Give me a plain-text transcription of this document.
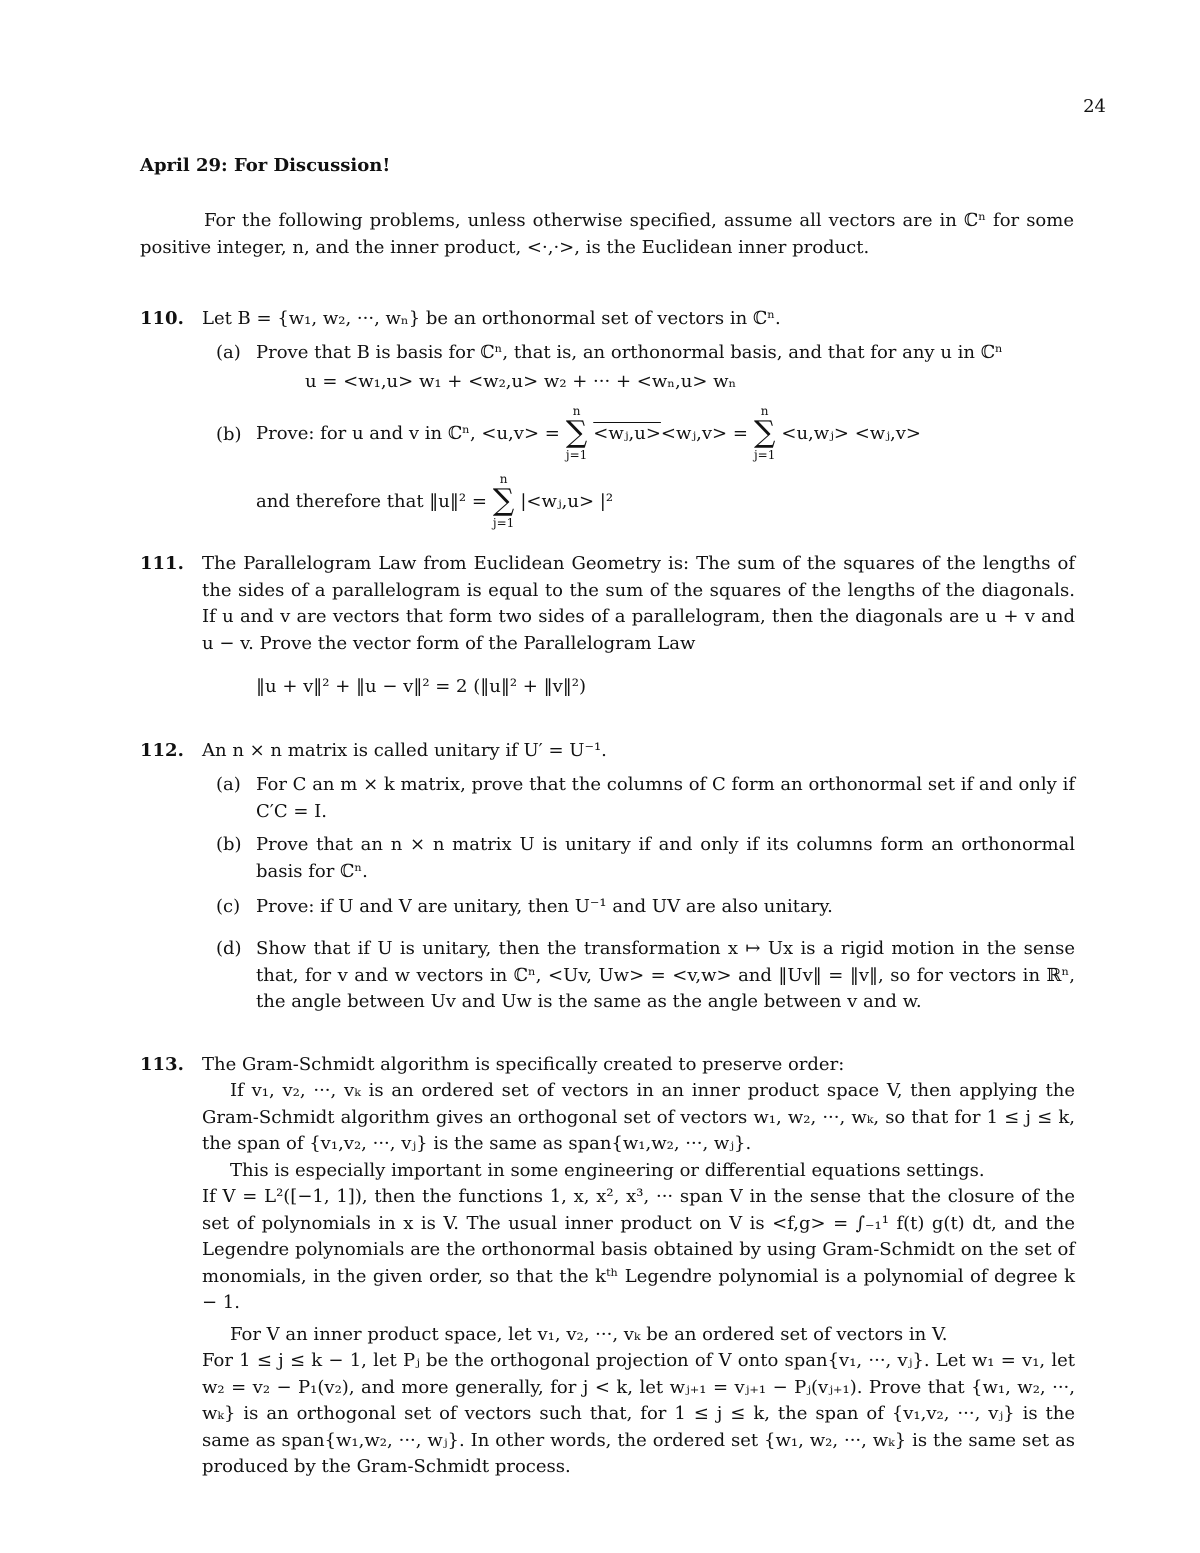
24
April 29: For Discussion!
For the following problems, unless otherwise specified, assume all vectors are in ℂⁿ for some positive integer, n, and the inner product, <·,·>, is the Euclidean inner product.
110. Let B = {w₁, w₂, ···, wₙ} be an orthonormal set of vectors in ℂⁿ.
(a) Prove that B is basis for ℂⁿ, that is, an orthonormal basis, and that for any u in ℂⁿ
u = <w₁,u> w₁ + <w₂,u> w₂ + ··· + <wₙ,u> wₙ
(b) Prove: for u and v in ℂⁿ, <u,v> =
n
∑
j=1
<wⱼ,u> <wⱼ,v> =
n
∑
j=1
<u,wⱼ> <wⱼ,v>
and therefore that ‖u‖² =
n
∑
j=1
|<wⱼ,u> |²
111. The Parallelogram Law from Euclidean Geometry is: The sum of the squares of the lengths of the sides of a parallelogram is equal to the sum of the squares of the lengths of the diagonals. If u and v are vectors that form two sides of a parallelogram, then the diagonals are u + v and u − v. Prove the vector form of the Parallelogram Law
‖u + v‖² + ‖u − v‖² = 2 (‖u‖² + ‖v‖²)
112. An n × n matrix is called unitary if U′ = U⁻¹.
(a) For C an m × k matrix, prove that the columns of C form an orthonormal set if and only if C′C = I.
(b) Prove that an n × n matrix U is unitary if and only if its columns form an orthonormal basis for ℂⁿ.
(c) Prove: if U and V are unitary, then U⁻¹ and UV are also unitary.
(d) Show that if U is unitary, then the transformation x ↦ Ux is a rigid motion in the sense that, for v and w vectors in ℂⁿ, <Uv, Uw> = <v,w> and ‖Uv‖ = ‖v‖, so for vectors in ℝⁿ, the angle between Uv and Uw is the same as the angle between v and w.
113. The Gram-Schmidt algorithm is specifically created to preserve order:
If v₁, v₂, ···, vₖ is an ordered set of vectors in an inner product space V, then applying the Gram-Schmidt algorithm gives an orthogonal set of vectors w₁, w₂, ···, wₖ, so that for 1 ≤ j ≤ k, the span of {v₁,v₂, ···, vⱼ} is the same as span{w₁,w₂, ···, wⱼ}.
This is especially important in some engineering or differential equations settings.
If V = L²([−1, 1]), then the functions 1, x, x², x³, ··· span V in the sense that the closure of the set of polynomials in x is V. The usual inner product on V is <f,g> = ∫₋₁¹ f(t) g(t) dt, and the Legendre polynomials are the orthonormal basis obtained by using Gram-Schmidt on the set of monomials, in the given order, so that the kᵗʰ Legendre polynomial is a polynomial of degree k − 1.
For V an inner product space, let v₁, v₂, ···, vₖ be an ordered set of vectors in V.
For 1 ≤ j ≤ k − 1, let Pⱼ be the orthogonal projection of V onto span{v₁, ···, vⱼ}. Let w₁ = v₁, let w₂ = v₂ − P₁(v₂), and more generally, for j < k, let wⱼ₊₁ = vⱼ₊₁ − Pⱼ(vⱼ₊₁). Prove that {w₁, w₂, ···, wₖ} is an orthogonal set of vectors such that, for 1 ≤ j ≤ k, the span of {v₁,v₂, ···, vⱼ} is the same as span{w₁,w₂, ···, wⱼ}. In other words, the ordered set {w₁, w₂, ···, wₖ} is the same set as produced by the Gram-Schmidt process.
